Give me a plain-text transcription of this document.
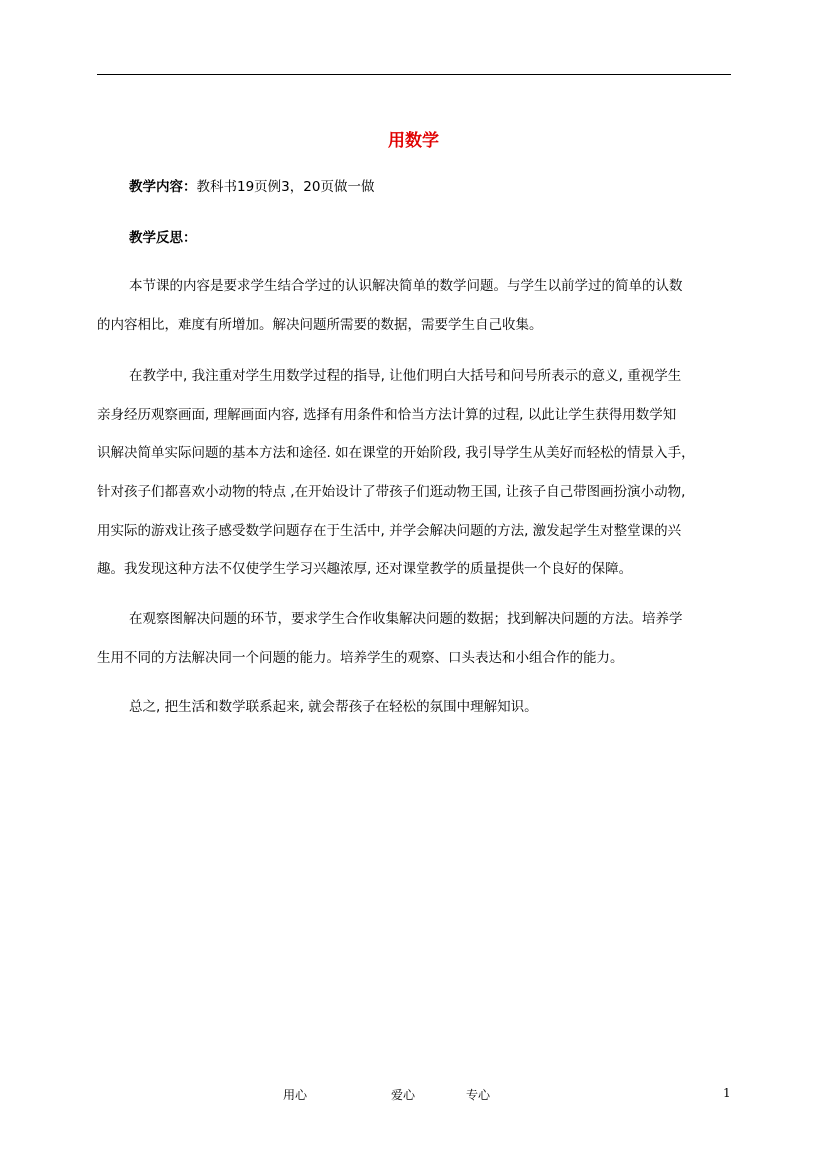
用数学
教学内容：教科书19页例3，20页做一做
教学反思：
本节课的内容是要求学生结合学过的认识解决简单的数学问题。与学生以前学过的简单的认数
的内容相比，难度有所增加。解决问题所需要的数据，需要学生自己收集。
在教学中, 我注重对学生用数学过程的指导, 让他们明白大括号和问号所表示的意义, 重视学生
亲身经历观察画面, 理解画面内容, 选择有用条件和恰当方法计算的过程, 以此让学生获得用数学知
识解决简单实际问题的基本方法和途径. 如在课堂的开始阶段, 我引导学生从美好而轻松的情景入手，
针对孩子们都喜欢小动物的特点 ,在开始设计了带孩子们逛动物王国, 让孩子自己带图画扮演小动物,
用实际的游戏让孩子感受数学问题存在于生活中, 并学会解决问题的方法, 激发起学生对整堂课的兴
趣。我发现这种方法不仅使学生学习兴趣浓厚, 还对课堂教学的质量提供一个良好的保障。
在观察图解决问题的环节，要求学生合作收集解决问题的数据；找到解决问题的方法。培养学
生用不同的方法解决同一个问题的能力。培养学生的观察、口头表达和小组合作的能力。
总之, 把生活和数学联系起来, 就会帮孩子在轻松的氛围中理解知识。
用心	爱心	专心	1
